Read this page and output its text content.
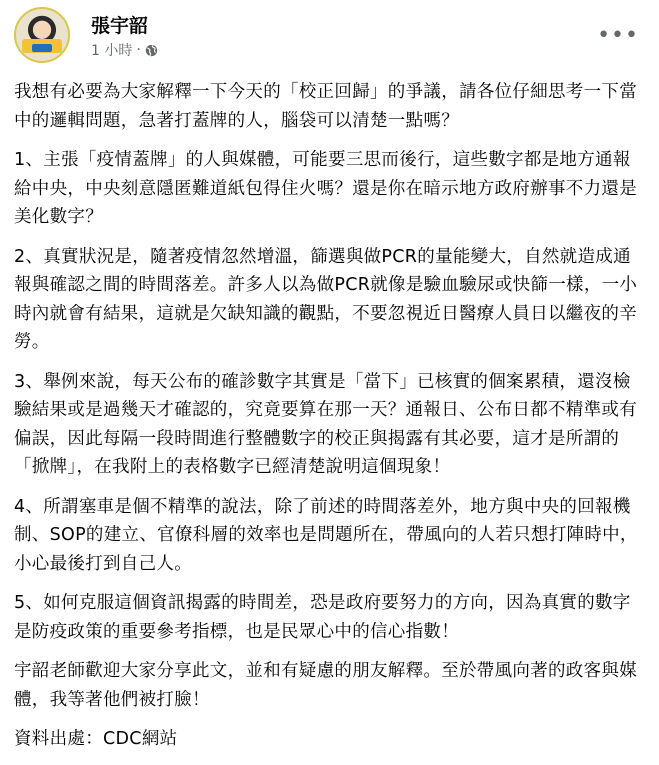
張宇韶
1 小時 ·
•••

我想有必要為大家解釋一下今天的「校正回歸」的爭議，請各位仔細思考一下當中的邏輯問題，急著打蓋牌的人，腦袋可以清楚一點嗎？

1、主張「疫情蓋牌」的人與媒體，可能要三思而後行，這些數字都是地方通報給中央，中央刻意隱匿難道紙包得住火嗎？還是你在暗示地方政府辦事不力還是美化數字？

2、真實狀況是，隨著疫情忽然增溫，篩選與做PCR的量能變大，自然就造成通報與確認之間的時間落差。許多人以為做PCR就像是驗血驗尿或快篩一樣，一小時內就會有結果，這就是欠缺知識的觀點，不要忽視近日醫療人員日以繼夜的辛勞。

3、舉例來說，每天公布的確診數字其實是「當下」已核實的個案累積，還沒檢驗結果或是過幾天才確認的，究竟要算在那一天？通報日、公布日都不精準或有偏誤，因此每隔一段時間進行整體數字的校正與揭露有其必要，這才是所謂的「掀牌」，在我附上的表格數字已經清楚說明這個現象！

4、所謂塞車是個不精準的說法，除了前述的時間落差外，地方與中央的回報機制、SOP的建立、官僚科層的效率也是問題所在，帶風向的人若只想打陣時中，小心最後打到自己人。

5、如何克服這個資訊揭露的時間差，恐是政府要努力的方向，因為真實的數字是防疫政策的重要參考指標，也是民眾心中的信心指數！

宇韶老師歡迎大家分享此文，並和有疑慮的朋友解釋。至於帶風向著的政客與媒體，我等著他們被打臉！

資料出處：CDC網站
